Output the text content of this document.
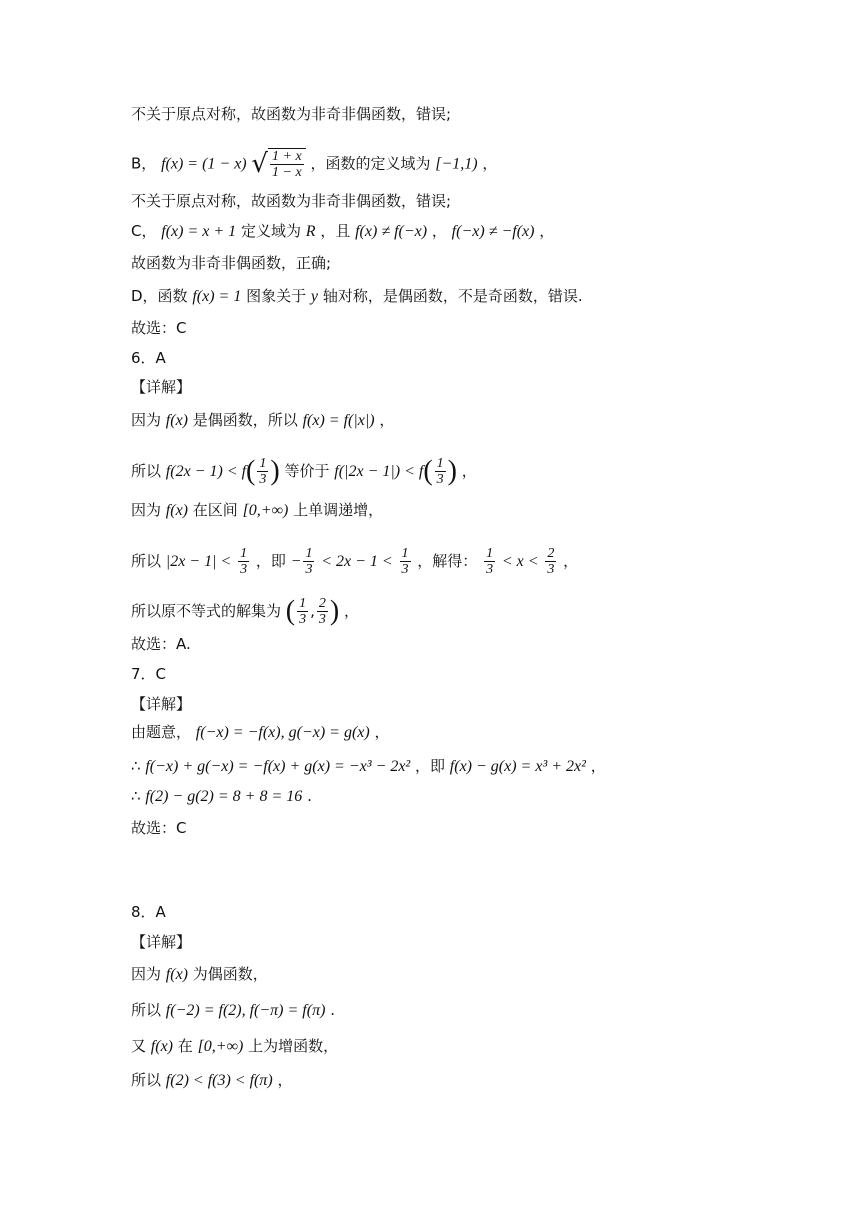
不关于原点对称，故函数为非奇非偶函数，错误;
B， f(x) = (1 − x) √ $\frac{1 + x}{1 - x}$ ，函数的定义域为 [−1,1) ，
不关于原点对称，故函数为非奇非偶函数，错误;
C， f(x) = x + 1 定义域为 R ，且 f(x) ≠ f(−x) ， f(−x) ≠ −f(x) ，
故函数为非奇非偶函数，正确;
D，函数 f(x) = 1 图象关于 y 轴对称，是偶函数，不是奇函数，错误.
故选：C
6．A
【详解】
因为 f(x) 是偶函数，所以 f(x) = f(|x|) ，
所以 $f(2x - 1) < f( \frac{1}{3}$ ) 等价于 $f(|2x - 1|) < f( \frac{1}{3}$ ) ，
因为 f(x) 在区间 [0,+∞) 上单调递增，
所以 $|2x - 1| < \frac{1}{3}$ ，即 − $\frac{1}{3} < 2x - 1 < \frac{1}{3}$ ，解得： $\frac{1}{3} < x < \frac{2}{3}$ ，
所以原不等式的解集为 ( $\frac{1}{3}$ , $\frac{2}{3}$ ) ，
故选：A.
7．C
【详解】
由题意， f(−x) = −f(x), g(−x) = g(x) ，
∴ f(−x) + g(−x) = −f(x) + g(x) = −x³ − 2x² ，即 f(x) − g(x) = x³ + 2x² ，
∴ f(2) − g(2) = 8 + 8 = 16 .
故选：C
8．A
【详解】
因为 f(x) 为偶函数，
所以 f(−2) = f(2), f(−π) = f(π) .
又 f(x) 在 [0,+∞) 上为增函数，
所以 f(2) < f(3) < f(π) ，
